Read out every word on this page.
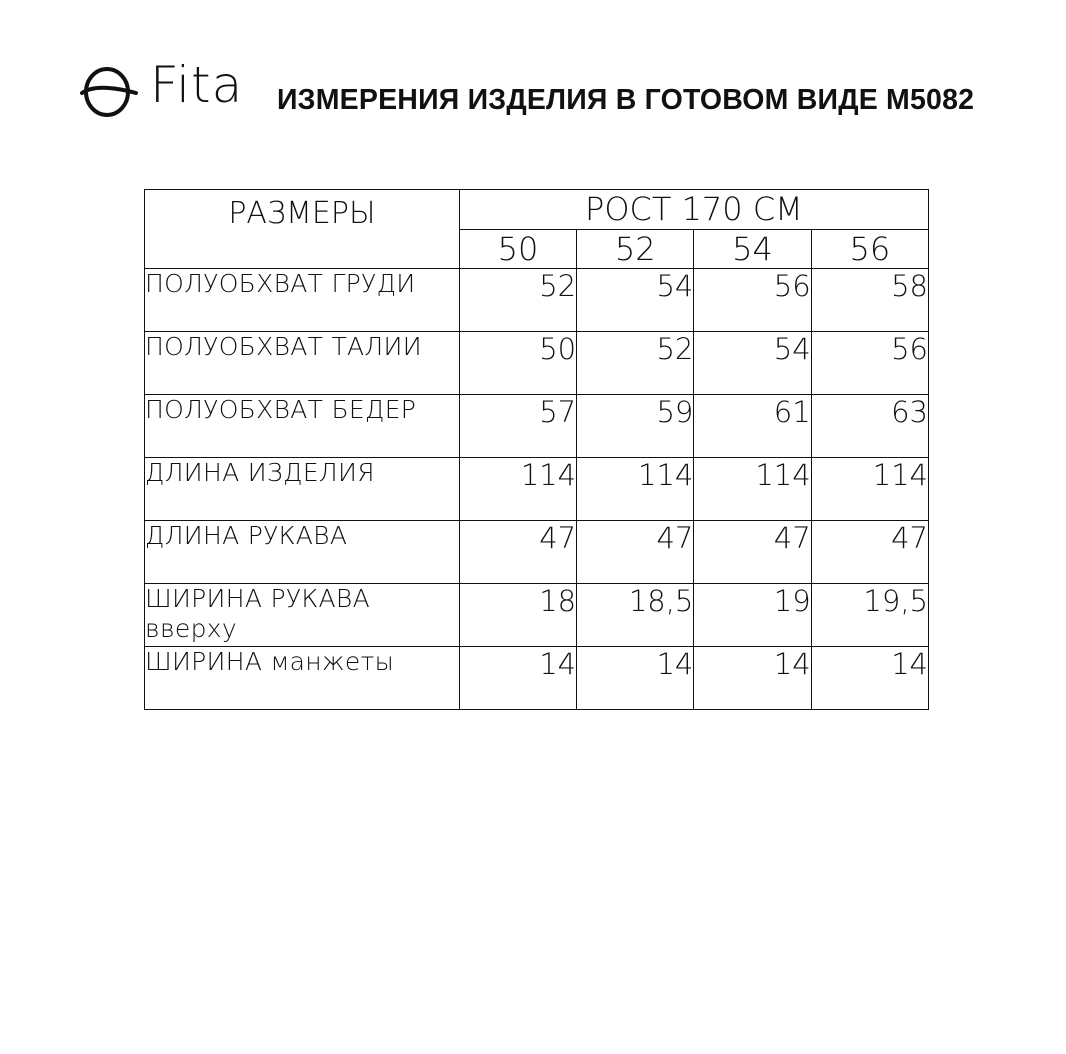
Fita ИЗМЕРЕНИЯ ИЗДЕЛИЯ В ГОТОВОМ ВИДЕ М5082
РАЗМЕРЫ	РОСТ 170 СМ			
	50	52	54	56
ПОЛУОБХВАТ ГРУДИ	52	54	56	58
ПОЛУОБХВАТ ТАЛИИ	50	52	54	56
ПОЛУОБХВАТ БЕДЕР	57	59	61	63
ДЛИНА ИЗДЕЛИЯ	114	114	114	114
ДЛИНА РУКАВА	47	47	47	47
ШИРИНА РУКАВА вверху	18	18,5	19	19,5
ШИРИНА манжеты	14	14	14	14
